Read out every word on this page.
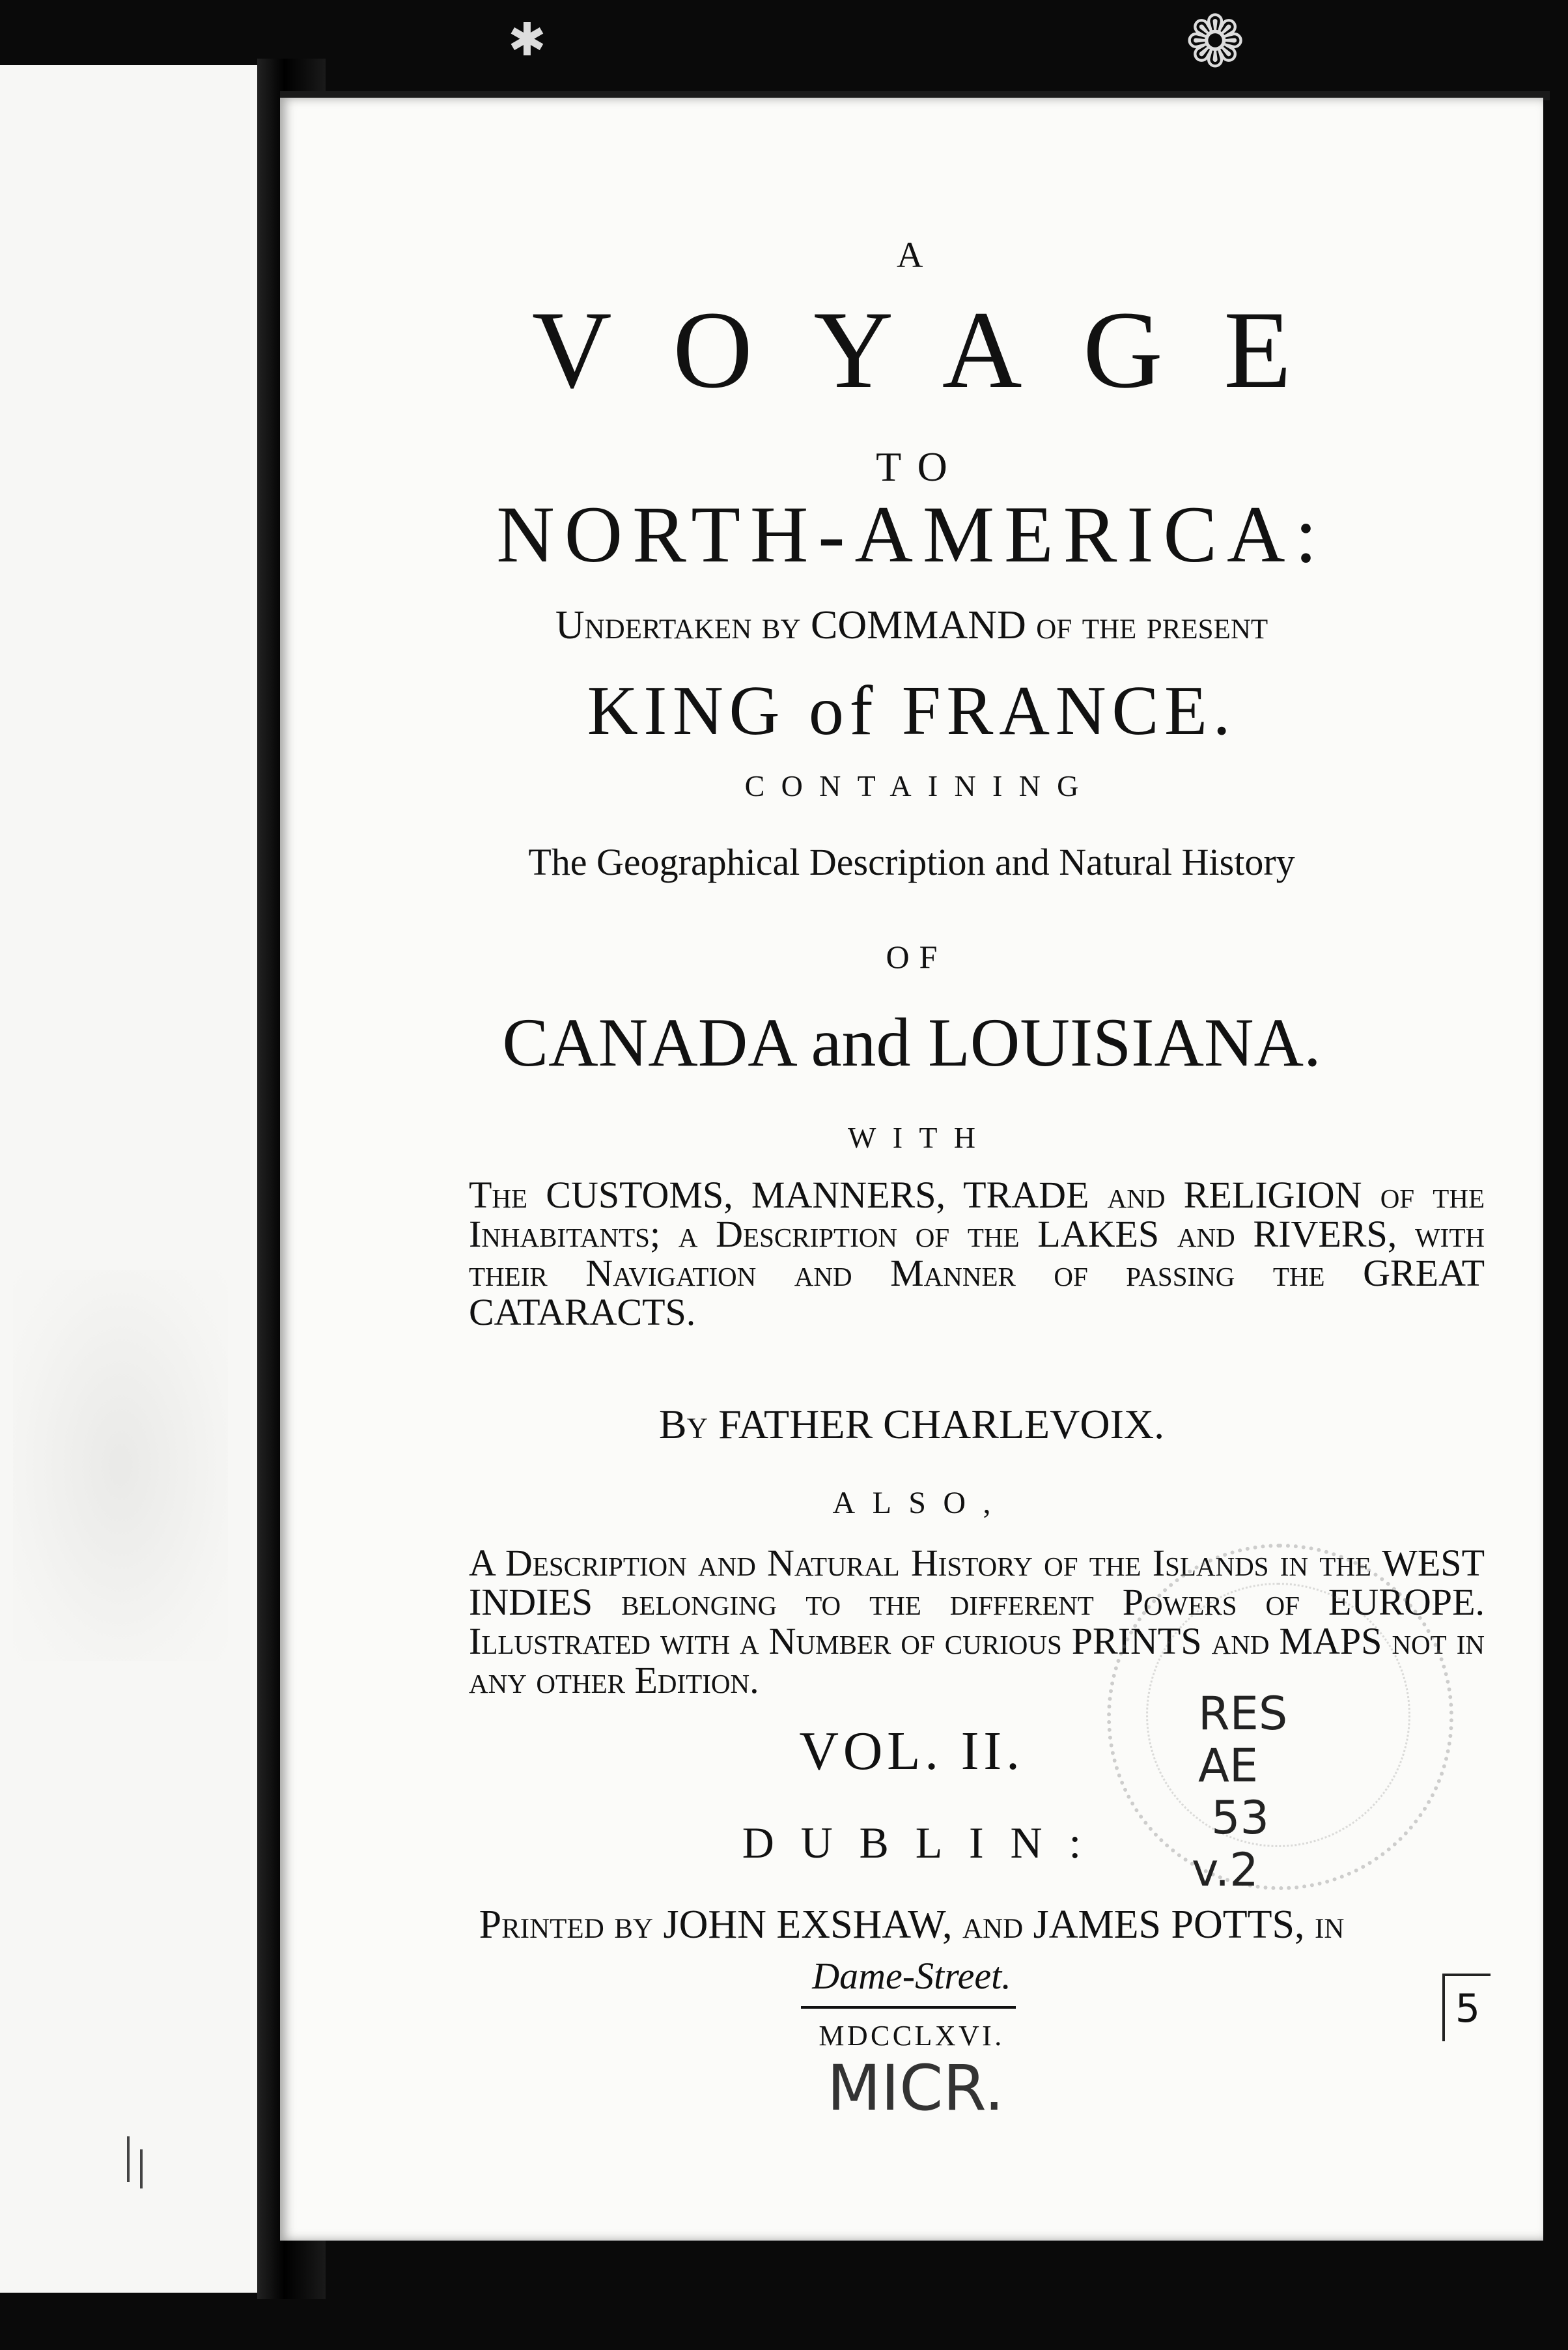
A
VOYAGE
TO
NORTH-AMERICA:
Undertaken by COMMAND of the present
KING of FRANCE.
CONTAINING
The Geographical Description and Natural History
OF
CANADA and LOUISIANA.
WITH
The CUSTOMS, MANNERS, TRADE and RELIGION of the Inhabitants; a Description of the LAKES and RIVERS, with their Navigation and Manner of passing the GREAT CATARACTS.
By FATHER CHARLEVOIX.
ALSO,
A Description and Natural History of the Islands in the WEST INDIES belonging to the different Powers of EUROPE. Illustrated with a Number of curious PRINTS and MAPS not in any other Edition.
VOL. II.
DUBLIN:
Printed by JOHN EXSHAW, and JAMES POTTS, in
Dame-Street.
MDCCLXVI.
RES
AE
53
v.2
MICR.
5
✱	❁
